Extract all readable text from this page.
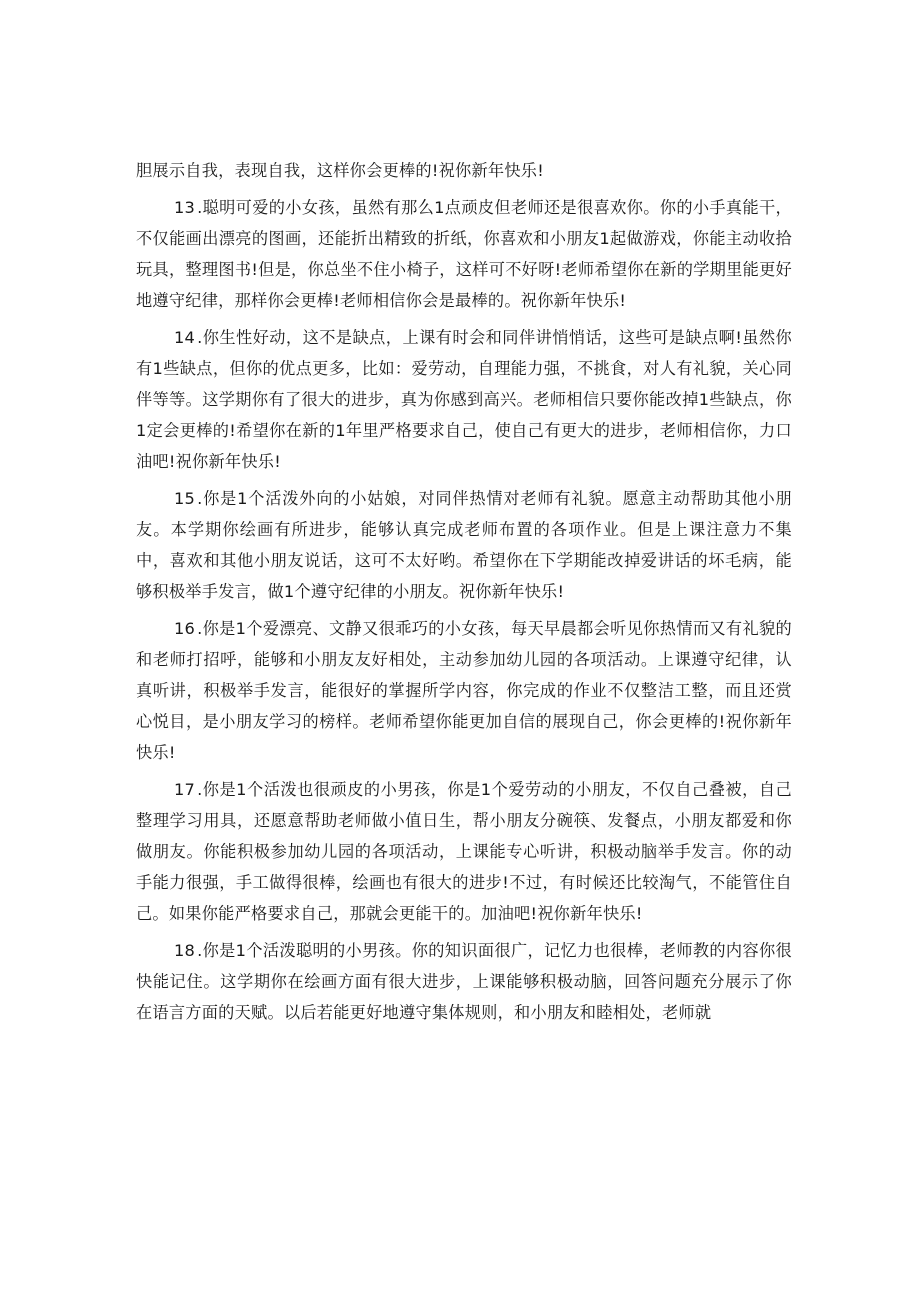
胆展示自我，表现自我，这样你会更棒的!祝你新年快乐!

13 .聪明可爱的小女孩，虽然有那么1点顽皮但老师还是很喜欢你。你的小手真能干，不仅能画出漂亮的图画，还能折出精致的折纸，你喜欢和小朋友1起做游戏，你能主动收拾玩具，整理图书!但是，你总坐不住小椅子，这样可不好呀!老师希望你在新的学期里能更好地遵守纪律，那样你会更棒!老师相信你会是最棒的。祝你新年快乐!

14 .你生性好动，这不是缺点，上课有时会和同伴讲悄悄话，这些可是缺点啊!虽然你有1些缺点，但你的优点更多，比如：爱劳动，自理能力强，不挑食，对人有礼貌，关心同伴等等。这学期你有了很大的进步，真为你感到高兴。老师相信只要你能改掉1些缺点，你1定会更棒的!希望你在新的1年里严格要求自己，使自己有更大的进步，老师相信你，力口油吧!祝你新年快乐!

15 .你是1个活泼外向的小姑娘，对同伴热情对老师有礼貌。愿意主动帮助其他小朋友。本学期你绘画有所进步，能够认真完成老师布置的各项作业。但是上课注意力不集中，喜欢和其他小朋友说话，这可不太好哟。希望你在下学期能改掉爱讲话的坏毛病，能够积极举手发言，做1个遵守纪律的小朋友。祝你新年快乐!

16 .你是1个爱漂亮、文静又很乖巧的小女孩，每天早晨都会听见你热情而又有礼貌的和老师打招呼，能够和小朋友友好相处，主动参加幼儿园的各项活动。上课遵守纪律，认真听讲，积极举手发言，能很好的掌握所学内容，你完成的作业不仅整洁工整，而且还赏心悦目，是小朋友学习的榜样。老师希望你能更加自信的展现自己，你会更棒的!祝你新年快乐!

17 .你是1个活泼也很顽皮的小男孩，你是1个爱劳动的小朋友，不仅自己叠被，自己整理学习用具，还愿意帮助老师做小值日生，帮小朋友分碗筷、发餐点，小朋友都爱和你做朋友。你能积极参加幼儿园的各项活动，上课能专心听讲，积极动脑举手发言。你的动手能力很强，手工做得很棒，绘画也有很大的进步!不过，有时候还比较淘气，不能管住自己。如果你能严格要求自己，那就会更能干的。加油吧!祝你新年快乐!

18 .你是1个活泼聪明的小男孩。你的知识面很广，记忆力也很棒，老师教的内容你很快能记住。这学期你在绘画方面有很大进步，上课能够积极动脑，回答问题充分展示了你在语言方面的天赋。以后若能更好地遵守集体规则，和小朋友和睦相处，老师就
